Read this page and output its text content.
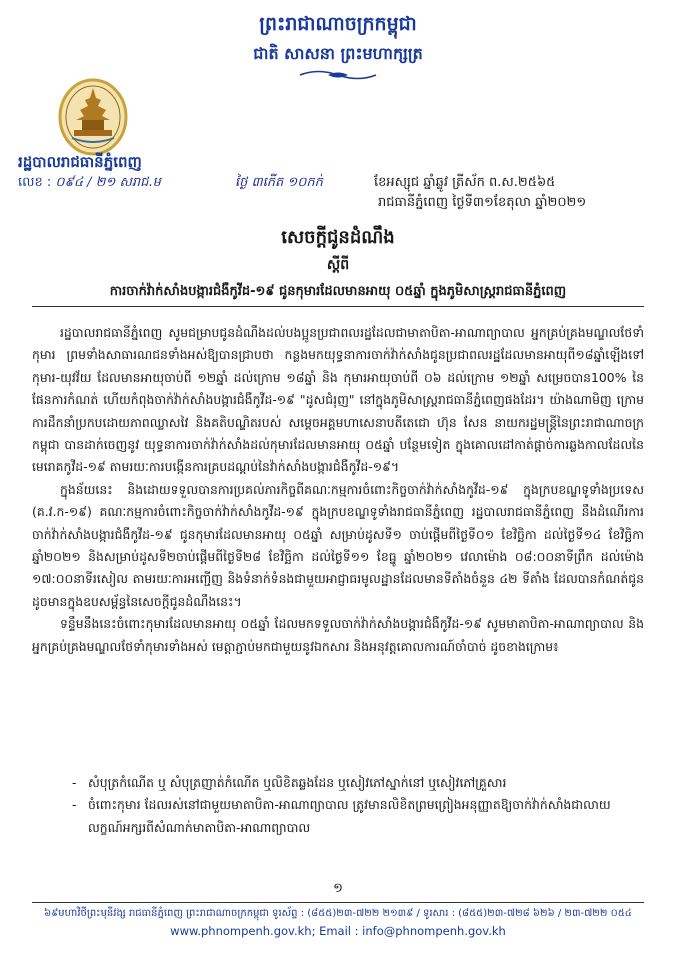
ព្រះរាជាណាចក្រកម្ពុជា
ជាតិ សាសនា ព្រះមហាក្សត្រ
រដ្ឋបាលរាជធានីភ្នំពេញ
លេខ : ០៩៤ / ២១ សរាជ.ម	ថ្ងៃ ៣កើត ១០កក់	ខែអស្សុជ ឆ្នាំឆ្លូវ ត្រីស័ក ព.ស.២៥៦៥
រាជធានីភ្នំពេញ ថ្ងៃទី៣១ខែតុលា ឆ្នាំ២០២១
សេចក្តីជូនដំណឹង
ស្តីពី
ការចាក់វ៉ាក់សាំងបង្ការជំងឺកូវីដ-១៩ ជូនកុមារដែលមានអាយុ ០៥ឆ្នាំ ក្នុងភូមិសាស្ត្ររាជធានីភ្នំពេញ

រដ្ឋបាលរាជធានីភ្នំពេញ សូមជម្រាបជូនដំណឹងដល់បងប្អូនប្រជាពលរដ្ឋដែលជាមាតាបិតា-អាណាព្យាបាល អ្នកគ្រប់គ្រងមណ្ឌលថែទាំកុមារ ព្រមទាំងសាធារណជនទាំងអស់ឱ្យបានជ្រាបថា កន្លងមកយុទ្ធនាការចាក់វ៉ាក់សាំងជូនប្រជាពលរដ្ឋដែលមានអាយុពី១៨ឆ្នាំឡើងទៅ កុមារ-យុវវ័យ ដែលមានអាយុចាប់ពី ១២ឆ្នាំ ដល់ក្រោម ១៨ឆ្នាំ និង កុមារអាយុចាប់ពី ០៦ ដល់ក្រោម ១២ឆ្នាំ សម្រេចបាន100% នៃផែនការកំណត់ ហើយកំពុងចាក់វ៉ាក់សាំងបង្ការជំងឺកូវីដ-១៩ "ដូសជំរុញ" នៅក្នុងភូមិសាស្ត្ររាជធានីភ្នំពេញផងដែរ។ យ៉ាងណាមិញ ក្រោមការដឹកនាំប្រកបដោយភាពឈ្លាសវៃ និងគតិបណ្ឌិតរបស់ សម្តេចអគ្គមហាសេនាបតីតេជោ ហ៊ុន សែន នាយករដ្ឋមន្ត្រីនៃព្រះរាជាណាចក្រកម្ពុជា បានដាក់ចេញនូវ យុទ្ធនាការចាក់វ៉ាក់សាំងដល់កុមារដែលមានអាយុ ០៥ឆ្នាំ បន្ថែមទៀត ក្នុងគោលដៅកាត់ផ្តាច់ការឆ្លងកាលដែលនៃមេរោគកូវីដ-១៩ តាមរយៈការបង្កើនការគ្របដណ្តប់នៃវ៉ាក់សាំងបង្ការជំងឺកូវីដ-១៩។

ក្នុងន័យនេះ និងដោយទទួលបានការប្រគល់ភារកិច្ចពីគណៈកម្មការចំពោះកិច្ចចាក់វ៉ាក់សាំងកូវីដ-១៩ ក្នុងក្របខណ្ឌទូទាំងប្រទេស (គ.វ.ក-១៩) គណៈកម្មការចំពោះកិច្ចចាក់វ៉ាក់សាំងកូវីដ-១៩ ក្នុងក្របខណ្ឌទូទាំងរាជធានីភ្នំពេញ រដ្ឋបាលរាជធានីភ្នំពេញ នឹងដំណើរការចាក់វ៉ាក់សាំងបង្ការជំងឺកូវីដ-១៩ ជូនកុមារដែលមានអាយុ ០៥ឆ្នាំ សម្រាប់ដូសទី១ ចាប់ផ្តើមពីថ្ងៃទី០១ ខែវិច្ឆិកា ដល់ថ្ងៃទី១៤ ខែវិច្ឆិកា ឆ្នាំ២០២១ និងសម្រាប់ដូសទី២ចាប់ផ្តើមពីថ្ងៃទី២៨ ខែវិច្ឆិកា ដល់ថ្ងៃទី១១ ខែធ្នូ ឆ្នាំ២០២១ វេលាម៉ោង ០៨:០០នាទីព្រឹក ដល់ម៉ោង ១៧:០០នាទីរសៀល តាមរយៈការអញ្ជើញ និងទំនាក់ទំនងជាមួយអាជ្ញាធរមូលដ្ឋានដែលមានទីតាំងចំនួន ៤២ ទីតាំង ដែលបានកំណត់ជូនដូចមានក្នុងឧបសម្ព័ន្ធនៃសេចក្តីជូនដំណឹងនេះ។

ទន្ទឹមនឹងនេះចំពោះកុមារដែលមានអាយុ ០៥ឆ្នាំ ដែលមកទទួលចាក់វ៉ាក់សាំងបង្ការជំងឺកូវីដ-១៩ សូមមាតាបិតា-អាណាព្យាបាល និងអ្នកគ្រប់គ្រងមណ្ឌលថែទាំកុមារទាំងអស់ មេត្តាភ្ជាប់មកជាមួយនូវឯកសារ និងអនុវត្តគោលការណ៍ចាំបាច់ ដូចខាងក្រោម៖

- សំបុត្រកំណើត ឬ សំបុត្រញាត់កំណើត ឬលិខិតឆ្លងដែន ឬសៀវភៅស្នាក់នៅ ឬសៀវភៅគ្រួសារ
- ចំពោះកុមារ ដែលរស់នៅជាមួយមាតាបិតា-អាណាព្យាបាល ត្រូវមានលិខិតព្រមព្រៀងអនុញ្ញាតឱ្យចាក់វ៉ាក់សាំងជាលាយលក្ខណ៍អក្សរពីសំណាក់មាតាបិតា-អាណាព្យាបាល
១
៦៩មហាវិថីព្រះមុនីវង្ស រាជធានីភ្នំពេញ ព្រះរាជាណាចក្រកម្ពុជា ទូរស័ព្ទ : (៨៥៥)២៣-៧២២ ២១៣៩ / ទូរសារ : (៨៥៥)២៣-៧២៨ ៦២៦ / ២៣-៧២២ ០៥៤
www.phnompenh.gov.kh; Email : info@phnompenh.gov.kh
